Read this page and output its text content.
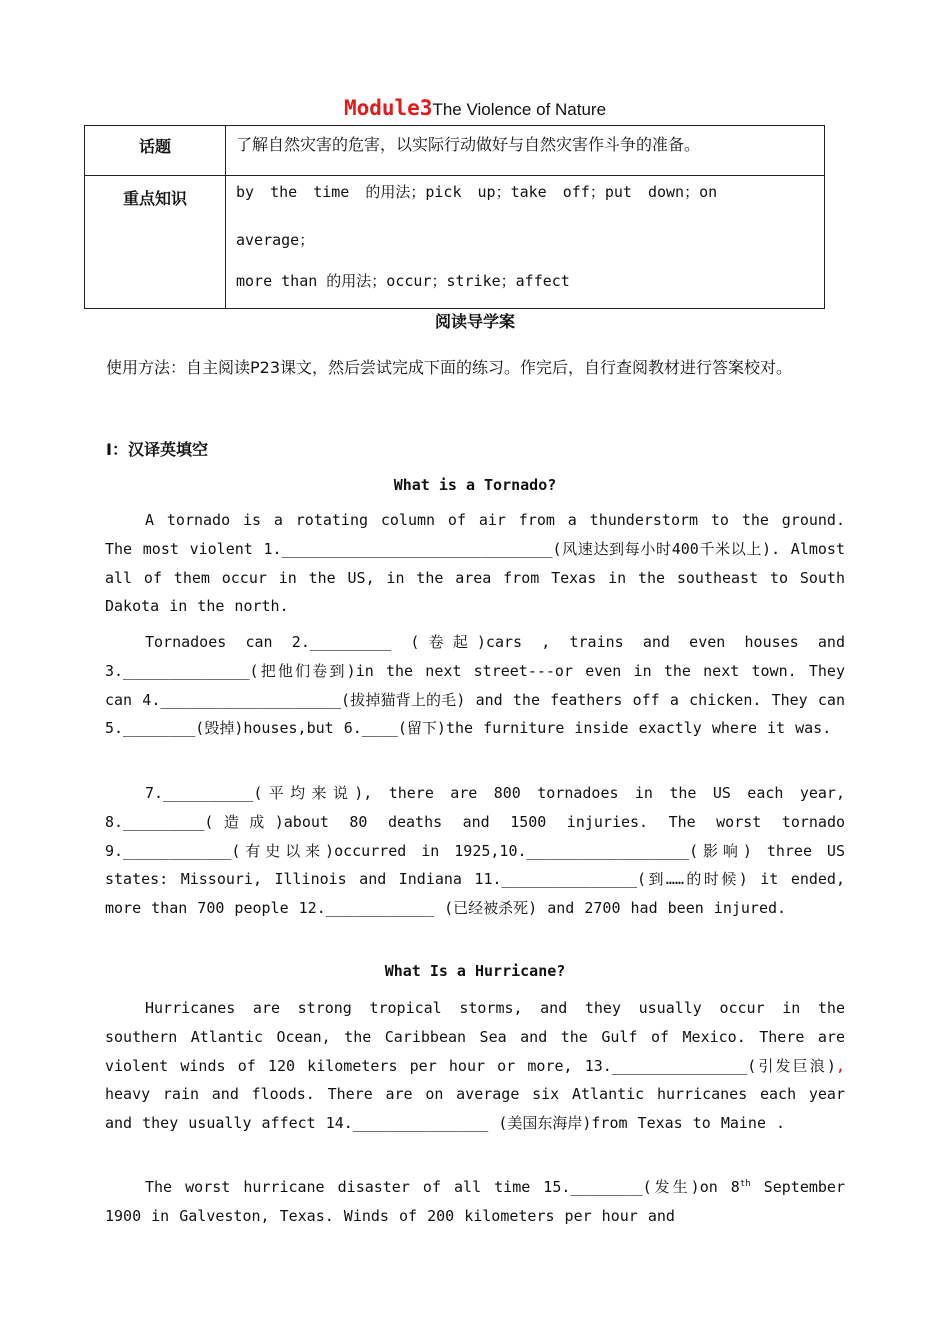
Module3The Violence of Nature
话题	了解自然灾害的危害，以实际行动做好与自然灾害作斗争的准备。

重点知识	by the time 的用法；pick up；take off；put down；on
average；
more than 的用法；occur；strike；affect
阅读导学案
使用方法：自主阅读P23课文，然后尝试完成下面的练习。作完后，自行查阅教材进行答案校对。
Ⅰ：汉译英填空
What is a Tornado?
A tornado is a rotating column of air from a thunderstorm to the ground. The most violent 1.______________________________(风速达到每小时400千米以上). Almost all of them occur in the US, in the area from Texas in the southeast to South Dakota in the north.
Tornadoes can 2._________ (卷起)cars , trains and even houses and 3.______________(把他们卷到)in the next street---or even in the next town. They can 4.____________________(拔掉猫背上的毛) and the feathers off a chicken. They can 5.________(毁掉)houses,but 6.____(留下)the furniture inside exactly where it was.
7.__________(平均来说), there are 800 tornadoes in the US each year, 8._________(造成)about 80 deaths and 1500 injuries. The worst tornado 9.____________(有史以来)occurred in 1925,10.__________________(影响) three US states: Missouri, Illinois and Indiana 11._______________(到……的时候) it ended, more than 700 people 12.____________ (已经被杀死) and 2700 had been injured.
What Is a Hurricane?
Hurricanes are strong tropical storms, and they usually occur in the southern Atlantic Ocean, the Caribbean Sea and the Gulf of Mexico. There are violent winds of 120 kilometers per hour or more, 13._______________(引发巨浪), heavy rain and floods. There are on average six Atlantic hurricanes each year and they usually affect 14._______________ (美国东海岸)from Texas to Maine .
The worst hurricane disaster of all time 15.________(发生)on 8th September 1900 in Galveston, Texas. Winds of 200 kilometers per hour and
